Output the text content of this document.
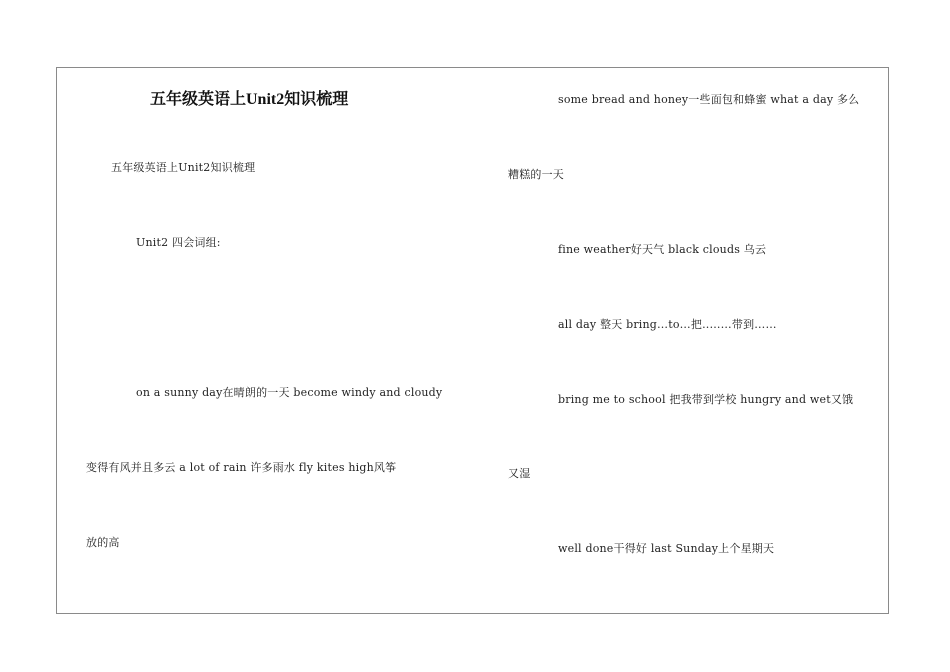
五年级英语上Unit2知识梳理
五年级英语上Unit2知识梳理
Unit2 四会词组:
on a sunny day在晴朗的一天 become windy and cloudy
变得有风并且多云 a lot of rain 许多雨水 fly kites high风筝
放的高
some bread and honey一些面包和蜂蜜 what a day 多么
糟糕的一天
fine weather好天气 black clouds 乌云
all day 整天 bring…to…把..……带到……
bring me to school 把我带到学校 hungry and wet又饿
又湿
well done干得好 last Sunday上个星期天
